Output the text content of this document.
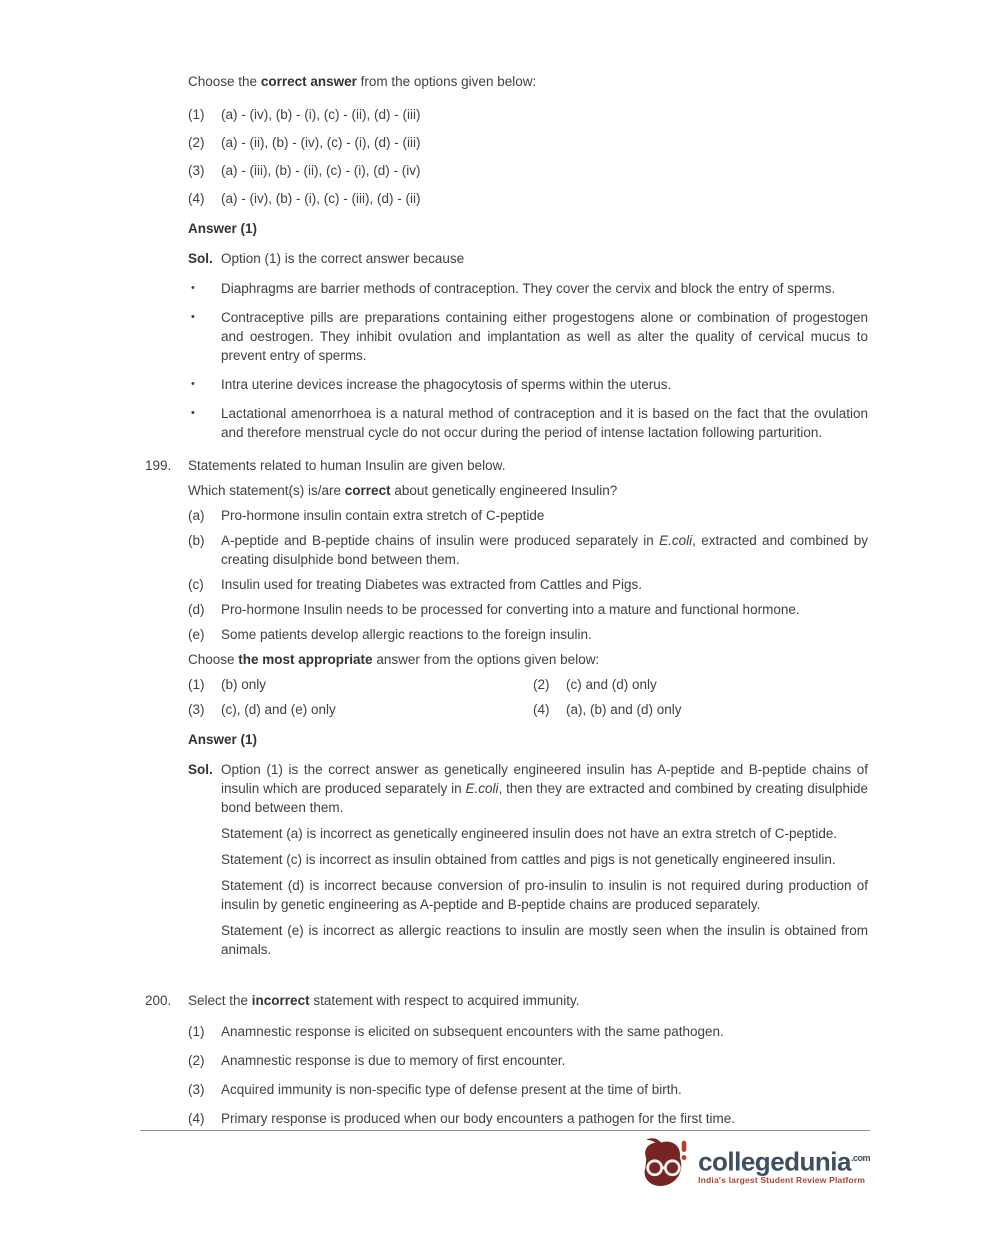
Choose the correct answer from the options given below:

(1)	(a) - (iv), (b) - (i), (c) - (ii), (d) - (iii)
(2)	(a) - (ii), (b) - (iv), (c) - (i), (d) - (iii)
(3)	(a) - (iii), (b) - (ii), (c) - (i), (d) - (iv)
(4)	(a) - (iv), (b) - (i), (c) - (iii), (d) - (ii)

Answer (1)

Sol. Option (1) is the correct answer because
•	Diaphragms are barrier methods of contraception. They cover the cervix and block the entry of sperms.
•	Contraceptive pills are preparations containing either progestogens alone or combination of progestogen and oestrogen. They inhibit ovulation and implantation as well as alter the quality of cervical mucus to prevent entry of sperms.
•	Intra uterine devices increase the phagocytosis of sperms within the uterus.
•	Lactational amenorrhoea is a natural method of contraception and it is based on the fact that the ovulation and therefore menstrual cycle do not occur during the period of intense lactation following parturition.
199.	Statements related to human Insulin are given below.

Which statement(s) is/are correct about genetically engineered Insulin?

(a)	Pro-hormone insulin contain extra stretch of C-peptide
(b)	A-peptide and B-peptide chains of insulin were produced separately in E.coli, extracted and combined by creating disulphide bond between them.
(c)	Insulin used for treating Diabetes was extracted from Cattles and Pigs.
(d)	Pro-hormone Insulin needs to be processed for converting into a mature and functional hormone.
(e)	Some patients develop allergic reactions to the foreign insulin.

Choose the most appropriate answer from the options given below:

(1)	(b) only	(2)	(c) and (d) only
(3)	(c), (d) and (e) only	(4)	(a), (b) and (d) only

Answer (1)

Sol. Option (1) is the correct answer as genetically engineered insulin has A-peptide and B-peptide chains of insulin which are produced separately in E.coli, then they are extracted and combined by creating disulphide bond between them.

Statement (a) is incorrect as genetically engineered insulin does not have an extra stretch of C-peptide.

Statement (c) is incorrect as insulin obtained from cattles and pigs is not genetically engineered insulin.

Statement (d) is incorrect because conversion of pro-insulin to insulin is not required during production of insulin by genetic engineering as A-peptide and B-peptide chains are produced separately.

Statement (e) is incorrect as allergic reactions to insulin are mostly seen when the insulin is obtained from animals.

200.	Select the incorrect statement with respect to acquired immunity.

(1)	Anamnestic response is elicited on subsequent encounters with the same pathogen.
(2)	Anamnestic response is due to memory of first encounter.
(3)	Acquired immunity is non-specific type of defense present at the time of birth.
(4)	Primary response is produced when our body encounters a pathogen for the first time.
collegedunia$^{.com}$
India's largest Student Review Platform
